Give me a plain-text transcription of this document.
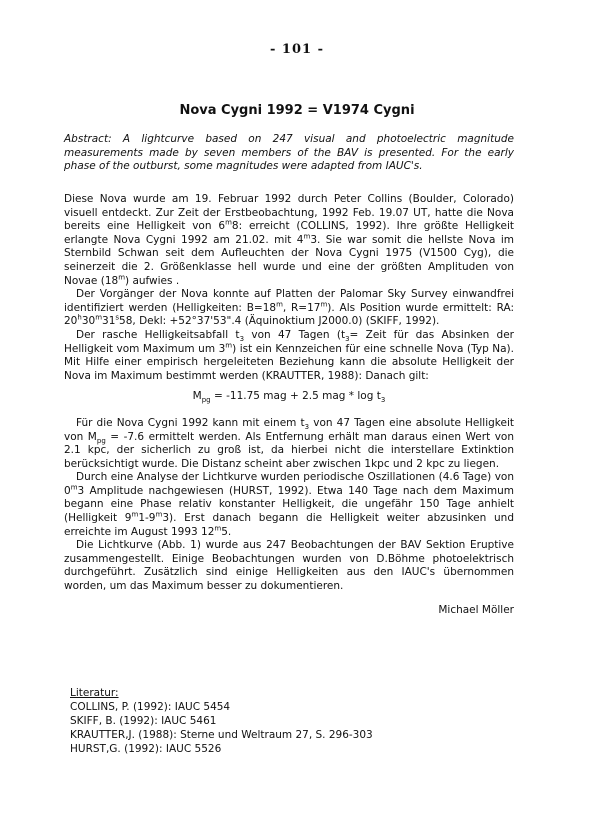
- 101 -
Nova Cygni 1992 = V1974 Cygni
Abstract: A lightcurve based on 247 visual and photoelectric magnitude measurements made by seven members of the BAV is presented. For the early phase of the outburst, some magnitudes were adapted from IAUC's.

Diese Nova wurde am 19. Februar 1992 durch Peter Collins (Boulder, Colorado) visuell entdeckt. Zur Zeit der Erstbeobachtung, 1992 Feb. 19.07 UT, hatte die Nova bereits eine Helligkeit von 6$^m$8: erreicht (COLLINS, 1992). Ihre größte Helligkeit erlangte Nova Cygni 1992 am 21.02. mit 4$^m$3. Sie war somit die hellste Nova im Sternbild Schwan seit dem Aufleuchten der Nova Cygni 1975 (V1500 Cyg), die seinerzeit die 2. Größenklasse hell wurde und eine der größten Amplituden von Novae (18$^m$) aufwies .

Der Vorgänger der Nova konnte auf Platten der Palomar Sky Survey einwandfrei identifiziert werden (Helligkeiten: $B=18^m$, $R=17^m$). Als Position wurde ermittelt: RA: 20$^h$30$^m$31$^s$58, Dekl: +52°37'53".4 (Äquinoktium J2000.0) (SKIFF, 1992).

Der rasche Helligkeitsabfall $t_3$ von 47 Tagen ($t_3=$ Zeit für das Absinken der Helligkeit vom Maximum um 3$^m$) ist ein Kennzeichen für eine schnelle Nova (Typ Na). Mit Hilfe einer empirisch hergeleiteten Beziehung kann die absolute Helligkeit der Nova im Maximum bestimmt werden (KRAUTTER, 1988): Danach gilt:

$M_{pg} = -11.75$ mag + 2.5 mag * $\log t_3$

Für die Nova Cygni 1992 kann mit einem $t_3$ von 47 Tagen eine absolute Helligkeit von $M_{pg} = -7.6$ ermittelt werden. Als Entfernung erhält man daraus einen Wert von 2.1 kpc, der sicherlich zu groß ist, da hierbei nicht die interstellare Extinktion berücksichtigt wurde. Die Distanz scheint aber zwischen 1kpc und 2 kpc zu liegen.

Durch eine Analyse der Lichtkurve wurden periodische Oszillationen (4.6 Tage) von 0$^m$3 Amplitude nachgewiesen (HURST, 1992). Etwa 140 Tage nach dem Maximum begann eine Phase relativ konstanter Helligkeit, die ungefähr 150 Tage anhielt (Helligkeit 9$^m$1-9$^m$3). Erst danach begann die Helligkeit weiter abzusinken und erreichte im August 1993 12$^m$5.

Die Lichtkurve (Abb. 1) wurde aus 247 Beobachtungen der BAV Sektion Eruptive zusammengestellt. Einige Beobachtungen wurden von D.Böhme photoelektrisch durchgeführt. Zusätzlich sind einige Helligkeiten aus den IAUC's übernommen worden, um das Maximum besser zu dokumentieren.

Michael Möller

Literatur:
COLLINS, P. (1992): IAUC 5454
SKIFF, B. (1992): IAUC 5461
KRAUTTER,J. (1988): Sterne und Weltraum 27, S. 296-303
HURST,G. (1992): IAUC 5526
